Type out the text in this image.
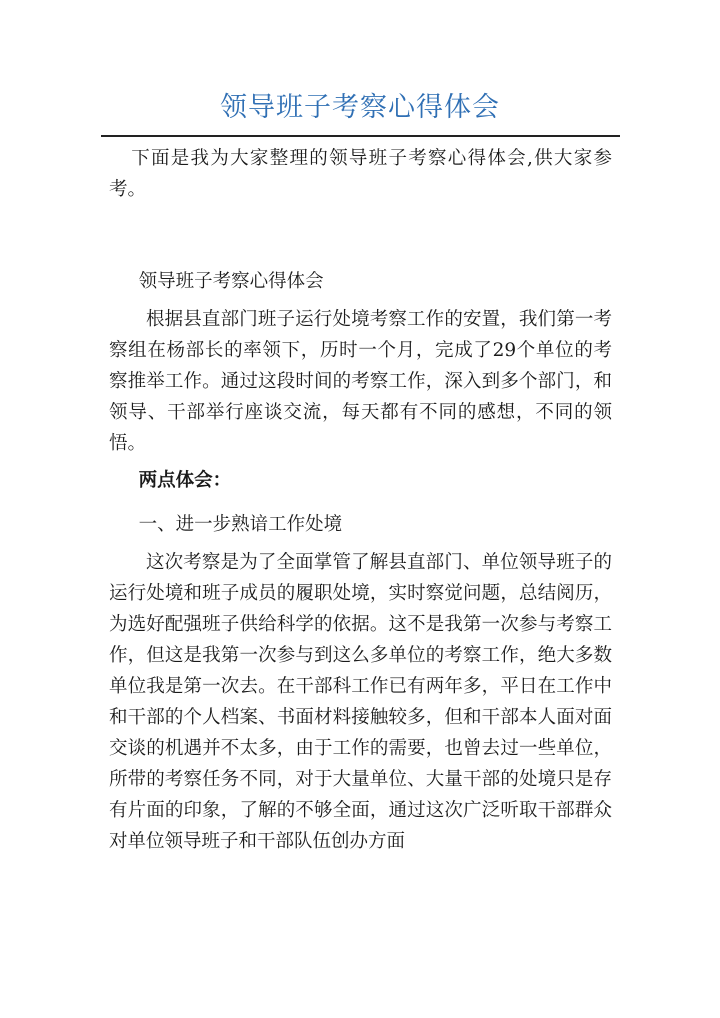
领导班子考察心得体会

下面是我为大家整理的领导班子考察心得体会,供大家参考。

领导班子考察心得体会

根据县直部门班子运行处境考察工作的安置，我们第一考察组在杨部长的率领下，历时一个月，完成了29个单位的考察推举工作。通过这段时间的考察工作，深入到多个部门，和领导、干部举行座谈交流，每天都有不同的感想，不同的领悟。

两点体会：
一、进一步熟谙工作处境

这次考察是为了全面掌管了解县直部门、单位领导班子的运行处境和班子成员的履职处境，实时察觉问题，总结阅历，为选好配强班子供给科学的依据。这不是我第一次参与考察工作，但这是我第一次参与到这么多单位的考察工作，绝大多数单位我是第一次去。在干部科工作已有两年多，平日在工作中和干部的个人档案、书面材料接触较多，但和干部本人面对面交谈的机遇并不太多，由于工作的需要，也曾去过一些单位，所带的考察任务不同，对于大量单位、大量干部的处境只是存有片面的印象，了解的不够全面，通过这次广泛听取干部群众对单位领导班子和干部队伍创办方面
